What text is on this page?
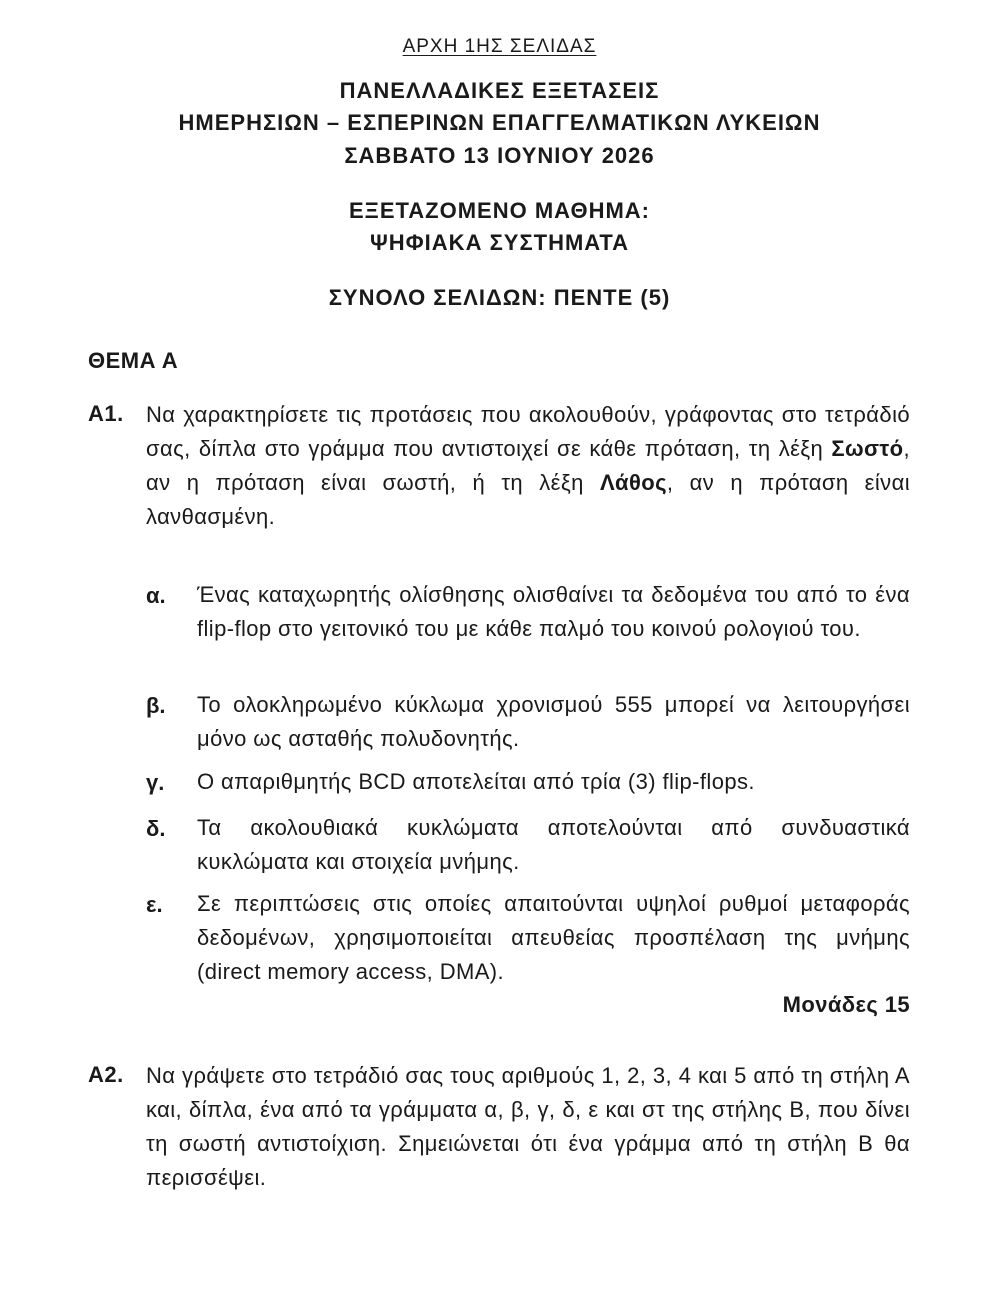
ΑΡΧΗ 1ΗΣ ΣΕΛΙΔΑΣ
ΠΑΝΕΛΛΑΔΙΚΕΣ ΕΞΕΤΑΣΕΙΣ
ΗΜΕΡΗΣΙΩΝ – ΕΣΠΕΡΙΝΩΝ ΕΠΑΓΓΕΛΜΑΤΙΚΩΝ ΛΥΚΕΙΩΝ
ΣΑΒΒΑΤΟ 13 ΙΟΥΝΙΟΥ 2026
ΕΞΕΤΑΖΟΜΕΝΟ ΜΑΘΗΜΑ:
ΨΗΦΙΑΚΑ ΣΥΣΤΗΜΑΤΑ
ΣΥΝΟΛΟ ΣΕΛΙΔΩΝ: ΠΕΝΤΕ (5)
ΘΕΜΑ Α
Α1. Να χαρακτηρίσετε τις προτάσεις που ακολουθούν, γράφοντας στο τετράδιό σας, δίπλα στο γράμμα που αντιστοιχεί σε κάθε πρόταση, τη λέξη Σωστό, αν η πρόταση είναι σωστή, ή τη λέξη Λάθος, αν η πρόταση είναι λανθασμένη.
α. Ένας καταχωρητής ολίσθησης ολισθαίνει τα δεδομένα του από το ένα flip-flop στο γειτονικό του με κάθε παλμό του κοινού ρολογιού του.
β. Το ολοκληρωμένο κύκλωμα χρονισμού 555 μπορεί να λειτουργήσει μόνο ως ασταθής πολυδονητής.
γ. Ο απαριθμητής BCD αποτελείται από τρία (3) flip-flops.
δ. Τα ακολουθιακά κυκλώματα αποτελούνται από συνδυαστικά κυκλώματα και στοιχεία μνήμης.
ε. Σε περιπτώσεις στις οποίες απαιτούνται υψηλοί ρυθμοί μεταφοράς δεδομένων, χρησιμοποιείται απευθείας προσπέλαση της μνήμης (direct memory access, DMA).
Μονάδες 15
Α2. Να γράψετε στο τετράδιό σας τους αριθμούς 1, 2, 3, 4 και 5 από τη στήλη Α και, δίπλα, ένα από τα γράμματα α, β, γ, δ, ε και στ της στήλης Β, που δίνει τη σωστή αντιστοίχιση. Σημειώνεται ότι ένα γράμμα από τη στήλη Β θα περισσέψει.
